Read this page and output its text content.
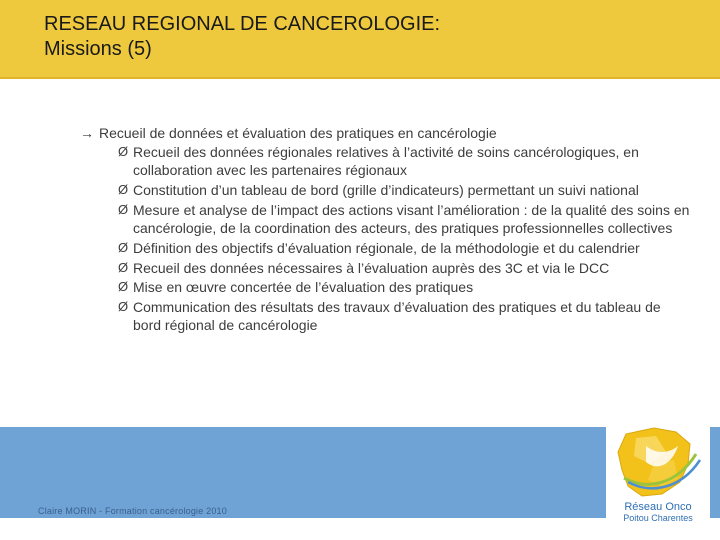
RESEAU REGIONAL DE CANCEROLOGIE:
Missions (5)
→ Recueil de données et évaluation des pratiques en cancérologie
Ø Recueil des données régionales relatives à l’activité de soins cancérologiques, en collaboration avec les partenaires régionaux
Ø Constitution d’un tableau de bord (grille d’indicateurs) permettant un suivi national
Ø Mesure et analyse de l’impact des actions visant l’amélioration : de la qualité des soins en cancérologie, de la coordination des acteurs, des pratiques professionnelles collectives
Ø Définition des objectifs d’évaluation régionale, de la méthodologie et du calendrier
Ø Recueil des données nécessaires à l’évaluation auprès des 3C et via le DCC
Ø Mise en œuvre concertée de l’évaluation des pratiques
Ø Communication des résultats des travaux d’évaluation des pratiques et du tableau de bord régional de cancérologie
Claire MORIN - Formation cancérologie 2010	Réseau Onco
Poitou Charentes
